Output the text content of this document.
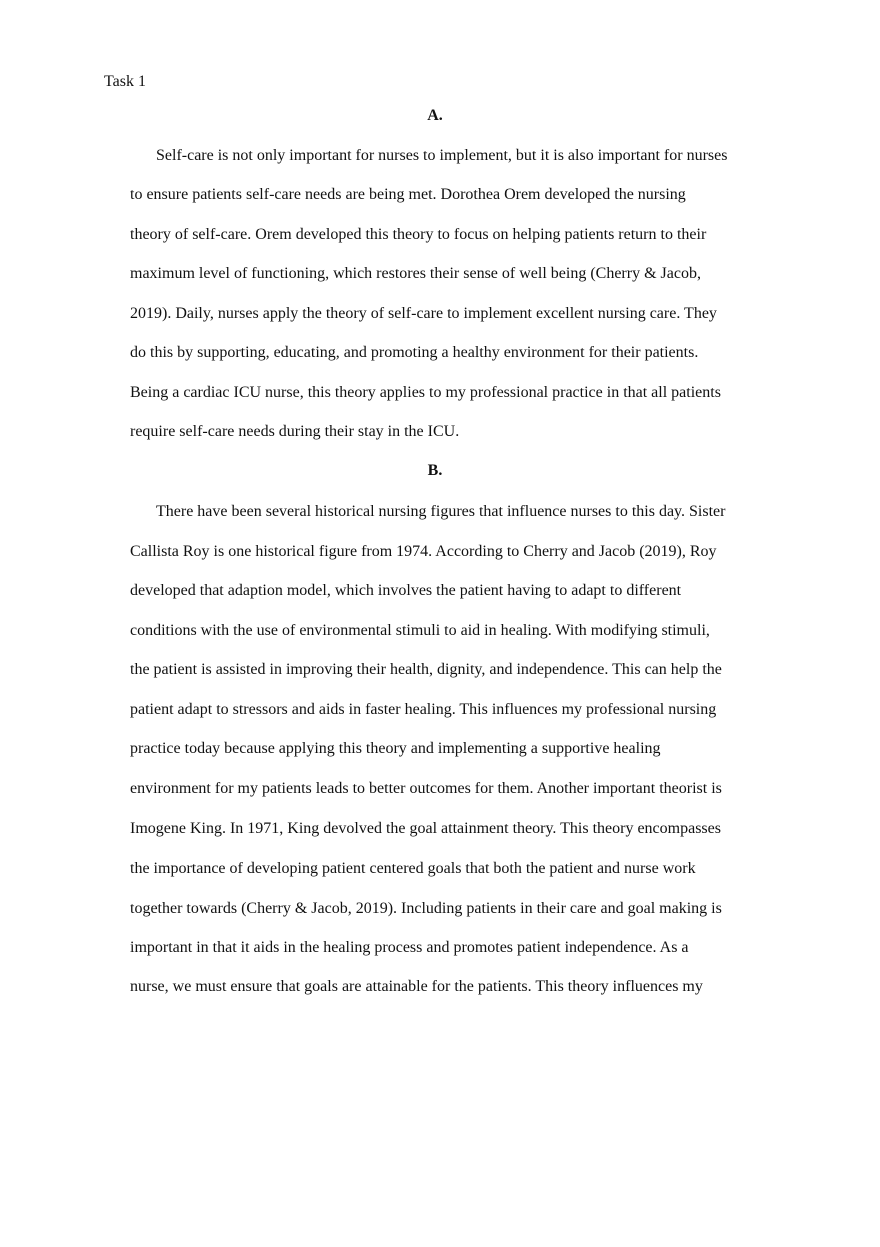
Task 1
A.
Self-care is not only important for nurses to implement, but it is also important for nurses
to ensure patients self-care needs are being met. Dorothea Orem developed the nursing
theory of self-care. Orem developed this theory to focus on helping patients return to their
maximum level of functioning, which restores their sense of well being (Cherry & Jacob,
2019). Daily, nurses apply the theory of self-care to implement excellent nursing care. They
do this by supporting, educating, and promoting a healthy environment for their patients.
Being a cardiac ICU nurse, this theory applies to my professional practice in that all patients
require self-care needs during their stay in the ICU.
B.
There have been several historical nursing figures that influence nurses to this day. Sister
Callista Roy is one historical figure from 1974. According to Cherry and Jacob (2019), Roy
developed that adaption model, which involves the patient having to adapt to different
conditions with the use of environmental stimuli to aid in healing. With modifying stimuli,
the patient is assisted in improving their health, dignity, and independence. This can help the
patient adapt to stressors and aids in faster healing. This influences my professional nursing
practice today because applying this theory and implementing a supportive healing
environment for my patients leads to better outcomes for them. Another important theorist is
Imogene King. In 1971, King devolved the goal attainment theory. This theory encompasses
the importance of developing patient centered goals that both the patient and nurse work
together towards (Cherry & Jacob, 2019). Including patients in their care and goal making is
important in that it aids in the healing process and promotes patient independence. As a
nurse, we must ensure that goals are attainable for the patients. This theory influences my
